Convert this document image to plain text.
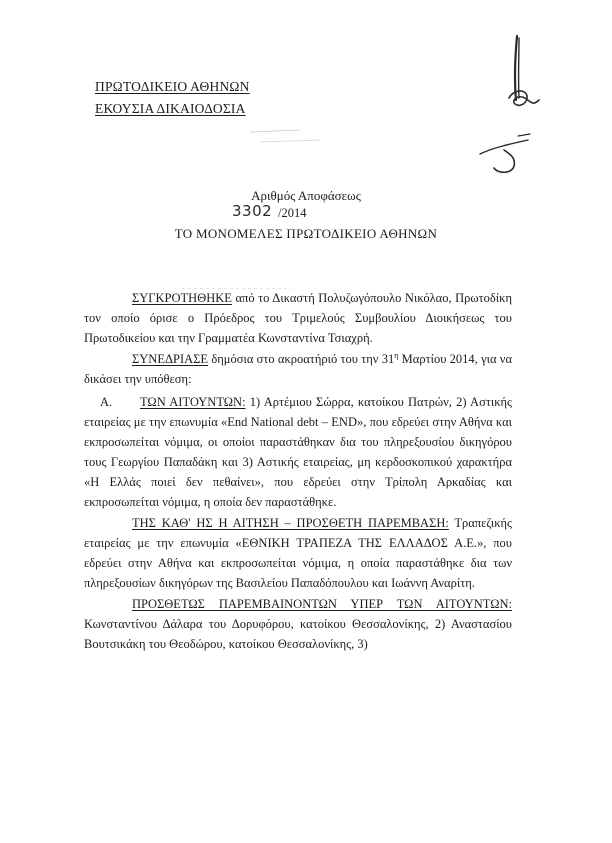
ΠΡΩΤΟΔΙΚΕΙΟ ΑΘΗΝΩΝ
ΕΚΟΥΣΙΑ ΔΙΚΑΙΟΔΟΣΙΑ
Αριθμός Αποφάσεως
3302 /2014
ΤΟ ΜΟΝΟΜΕΛΕΣ ΠΡΩΤΟΔΙΚΕΙΟ ΑΘΗΝΩΝ

ΣΥΓΚΡΟΤΗΘΗΚΕ από το Δικαστή Πολυζωγόπουλο Νικόλαο, Πρωτοδίκη τον οποίο όρισε ο Πρόεδρος του Τριμελούς Συμβουλίου Διοικήσεως του Πρωτοδικείου και την Γραμματέα Κωνσταντίνα Τσιαχρή.

ΣΥΝΕΔΡΙΑΣΕ δημόσια στο ακροατήριό του την $31^\eta$ Μαρτίου 2014, για να δικάσει την υπόθεση:

Α. ΤΩΝ ΑΙΤΟΥΝΤΩΝ: 1) Αρτέμιου Σώρρα, κατοίκου Πατρών, 2) Αστικής εταιρείας με την επωνυμία «End National debt – END», που εδρεύει στην Αθήνα και εκπροσωπείται νόμιμα, οι οποίοι παραστάθηκαν δια του πληρεξουσίου δικηγόρου τους Γεωργίου Παπαδάκη και 3) Αστικής εταιρείας, μη κερδοσκοπικού χαρακτήρα «Η Ελλάς ποιεί δεν πεθαίνει», που εδρεύει στην Τρίπολη Αρκαδίας και εκπροσωπείται νόμιμα, η οποία δεν παραστάθηκε.

ΤΗΣ ΚΑΘ' ΗΣ Η ΑΙΤΗΣΗ – ΠΡΟΣΘΕΤΗ ΠΑΡΕΜΒΑΣΗ: Τραπεζικής εταιρείας με την επωνυμία «ΕΘΝΙΚΗ ΤΡΑΠΕΖΑ ΤΗΣ ΕΛΛΑΔΟΣ Α.Ε.», που εδρεύει στην Αθήνα και εκπροσωπείται νόμιμα, η οποία παραστάθηκε δια των πληρεξουσίων δικηγόρων της Βασιλείου Παπαδόπουλου και Ιωάννη Αναρίτη.

ΠΡΟΣΘΕΤΩΣ ΠΑΡΕΜΒΑΙΝΟΝΤΩΝ ΥΠΕΡ ΤΩΝ ΑΙΤΟΥΝΤΩΝ: Κωνσταντίνου Δάλαρα του Δορυφόρου, κατοίκου Θεσσαλονίκης, 2) Αναστασίου Βουτσικάκη του Θεοδώρου, κατοίκου Θεσσαλονίκης, 3)
